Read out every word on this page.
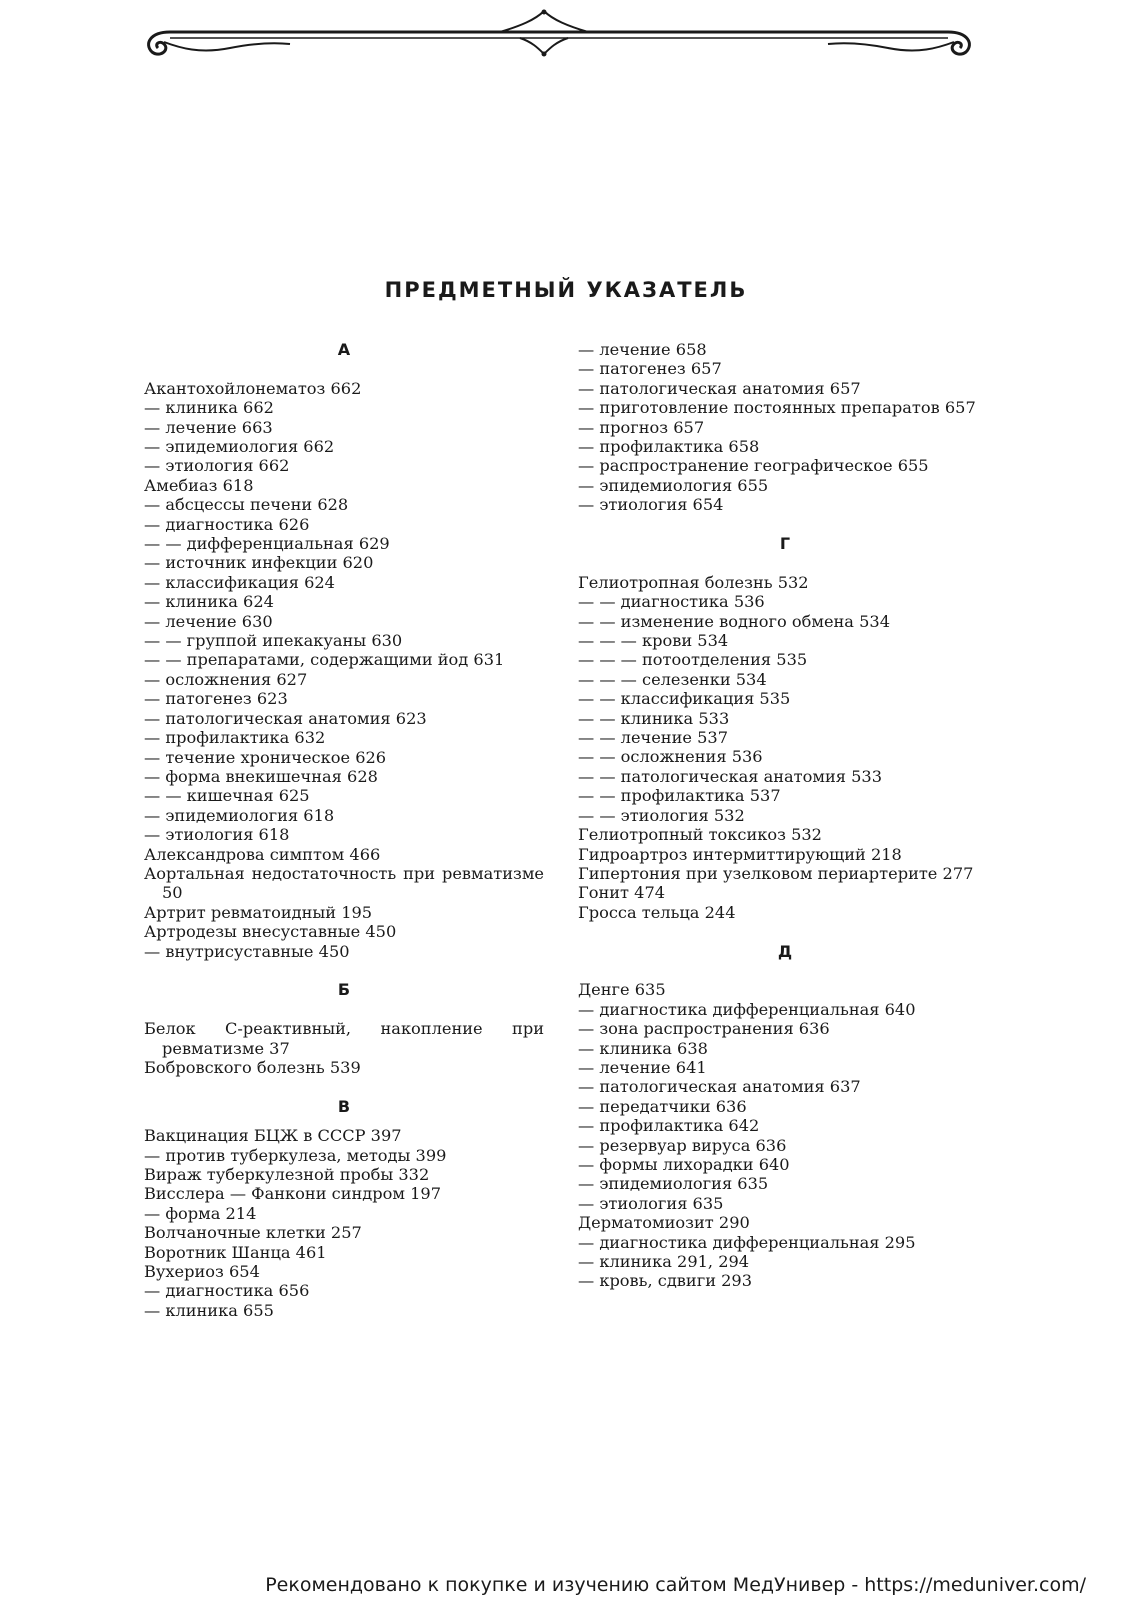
ПРЕДМЕТНЫЙ УКАЗАТЕЛЬ
А
Акантохойлонематоз 662
— клиника 662
— лечение 663
— эпидемиология 662
— этиология 662
Амебиаз 618
— абсцессы печени 628
— диагностика 626
— — дифференциальная 629
— источник инфекции 620
— классификация 624
— клиника 624
— лечение 630
— — группой ипекакуаны 630
— — препаратами, содержащими йод 631
— осложнения 627
— патогенез 623
— патологическая анатомия 623
— профилактика 632
— течение хроническое 626
— форма внекишечная 628
— — кишечная 625
— эпидемиология 618
— этиология 618
Александрова симптом 466
Аортальная недостаточность при ревматизме 50
Артрит ревматоидный 195
Артродезы внесуставные 450
— внутрисуставные 450
Б
Белок С-реактивный, накопление при ревматизме 37
Бобровского болезнь 539
В
Вакцинация БЦЖ в СССР 397
— против туберкулеза, методы 399
Вираж туберкулезной пробы 332
Висслера — Фанкони синдром 197
— форма 214
Волчаночные клетки 257
Воротник Шанца 461
Вухериоз 654
— диагностика 656
— клиника 655
— лечение 658
— патогенез 657
— патологическая анатомия 657
— приготовление постоянных препаратов 657
— прогноз 657
— профилактика 658
— распространение географическое 655
— эпидемиология 655
— этиология 654
Г
Гелиотропная болезнь 532
— — диагностика 536
— — изменение водного обмена 534
— — — крови 534
— — — потоотделения 535
— — — селезенки 534
— — классификация 535
— — клиника 533
— — лечение 537
— — осложнения 536
— — патологическая анатомия 533
— — профилактика 537
— — этиология 532
Гелиотропный токсикоз 532
Гидроартроз интермиттирующий 218
Гипертония при узелковом периартерите 277
Гонит 474
Гросса тельца 244
Д
Денге 635
— диагностика дифференциальная 640
— зона распространения 636
— клиника 638
— лечение 641
— патологическая анатомия 637
— передатчики 636
— профилактика 642
— резервуар вируса 636
— формы лихорадки 640
— эпидемиология 635
— этиология 635
Дерматомиозит 290
— диагностика дифференциальная 295
— клиника 291, 294
— кровь, сдвиги 293
Рекомендовано к покупке и изучению сайтом МедУнивер - https://meduniver.com/
